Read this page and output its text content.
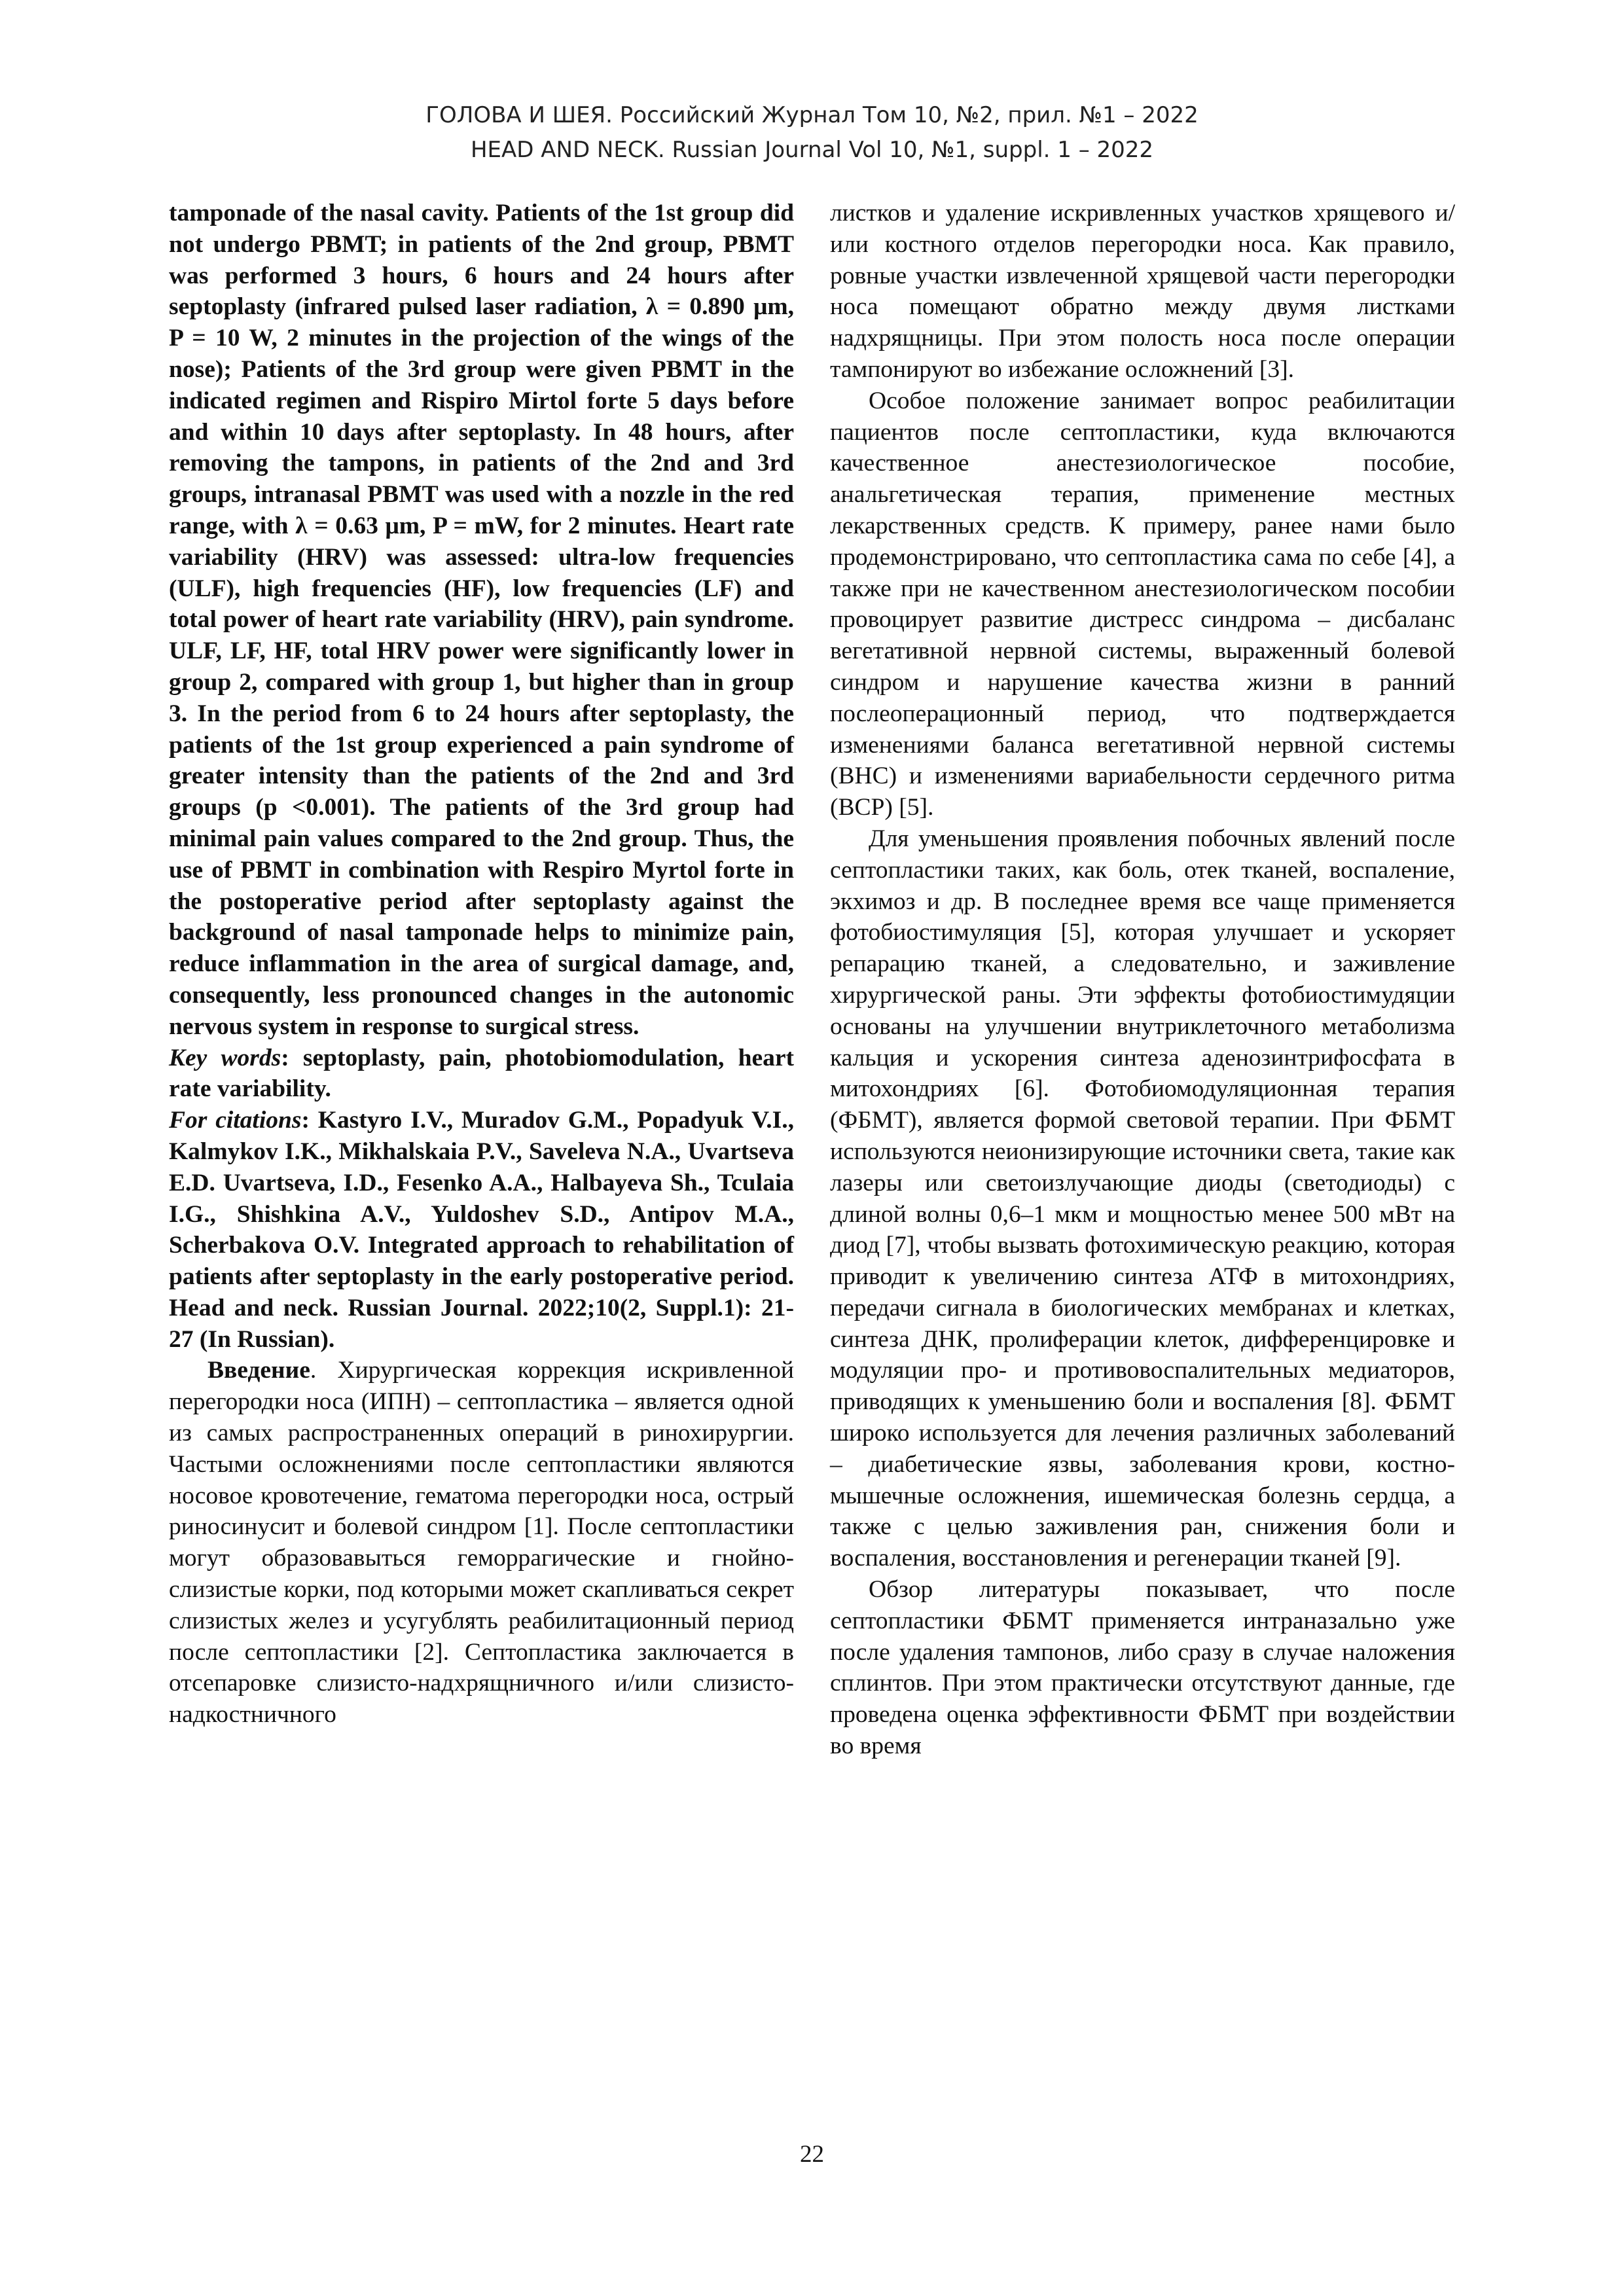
ГОЛОВА И ШЕЯ. Российский Журнал Том 10, №2, прил. №1 – 2022
HEAD AND NECK. Russian Journal Vol 10, №1, suppl. 1 – 2022

tamponade of the nasal cavity. Patients of the 1st group did not undergo PBMT; in patients of the 2nd group, PBMT was performed 3 hours, 6 hours and 24 hours after septoplasty (infrared pulsed laser radiation, λ = 0.890 μm, P = 10 W, 2 minutes in the projection of the wings of the nose); Patients of the 3rd group were given PBMT in the indicated regimen and Rispiro Mirtol forte 5 days before and within 10 days after septoplasty. In 48 hours, after removing the tampons, in patients of the 2nd and 3rd groups, intranasal PBMT was used with a nozzle in the red range, with λ = 0.63 μm, P = mW, for 2 minutes. Heart rate variability (HRV) was assessed: ultra-low frequencies (ULF), high frequencies (HF), low frequencies (LF) and total power of heart rate variability (HRV), pain syndrome. ULF, LF, HF, total HRV power were significantly lower in group 2, compared with group 1, but higher than in group 3. In the period from 6 to 24 hours after septoplasty, the patients of the 1st group experienced a pain syndrome of greater intensity than the patients of the 2nd and 3rd groups (p <0.001). The patients of the 3rd group had minimal pain values compared to the 2nd group. Thus, the use of PBMT in combination with Respiro Myrtol forte in the postoperative period after septoplasty against the background of nasal tamponade helps to minimize pain, reduce inflammation in the area of surgical damage, and, consequently, less pronounced changes in the autonomic nervous system in response to surgical stress.

Key words: septoplasty, pain, photobiomodulation, heart rate variability.

For citations: Kastyro I.V., Muradov G.M., Popadyuk V.I., Kalmykov I.K., Mikhalskaia P.V., Saveleva N.A., Uvartseva E.D. Uvartseva, I.D., Fesenko A.A., Halbayeva Sh., Tculaia I.G., Shishkina A.V., Yuldoshev S.D., Antipov M.A., Scherbakova O.V. Integrated approach to rehabilitation of patients after septoplasty in the early postoperative period. Head and neck. Russian Journal. 2022;10(2, Suppl.1): 21-27 (In Russian).

Введение. Хирургическая коррекция искривленной перегородки носа (ИПН) – септопластика – является одной из самых распространенных операций в ринохирургии. Частыми осложнениями после септопластики являются носовое кровотечение, гематома перегородки носа, острый риносинусит и болевой синдром [1]. После септопластики могут образовавыться геморрагические и гнойно-слизистые корки, под которыми может скапливаться секрет слизистых желез и усугублять реабилитационный период после септопластики [2]. Септопластика заключается в отсепаровке слизисто-надхрящничного и/или слизисто-надкостничного

листков и удаление искривленных участков хрящевого и/или костного отделов перегородки носа. Как правило, ровные участки извлеченной хрящевой части перегородки носа помещают обратно между двумя листками надхрящницы. При этом полость носа после операции тампонируют во избежание осложнений [3].

Особое положение занимает вопрос реабилитации пациентов после септопластики, куда включаются качественное анестезиологическое пособие, анальгетическая терапия, применение местных лекарственных средств. К примеру, ранее нами было продемонстрировано, что септопластика сама по себе [4], а также при не качественном анестезиологическом пособии провоцирует развитие дистресс синдрома – дисбаланс вегетативной нервной системы, выраженный болевой синдром и нарушение качества жизни в ранний послеоперационный период, что подтверждается изменениями баланса вегетативной нервной системы (ВНС) и изменениями вариабельности сердечного ритма (ВСР) [5].

Для уменьшения проявления побочных явлений после септопластики таких, как боль, отек тканей, воспаление, экхимоз и др. В последнее время все чаще применяется фотобиостимуляция [5], которая улучшает и ускоряет репарацию тканей, а следовательно, и заживление хирургической раны. Эти эффекты фотобиостимудяции основаны на улучшении внутриклеточного метаболизма кальция и ускорения синтеза аденозинтрифосфата в митохондриях [6]. Фотобиомодуляционная терапия (ФБМТ), является формой световой терапии. При ФБМТ используются неионизирующие источники света, такие как лазеры или светоизлучающие диоды (светодиоды) с длиной волны 0,6–1 мкм и мощностью менее 500 мВт на диод [7], чтобы вызвать фотохимическую реакцию, которая приводит к увеличению синтеза АТФ в митохондриях, передачи сигнала в биологических мембранах и клетках, синтеза ДНК, пролиферации клеток, дифференцировке и модуляции про- и противовоспалительных медиаторов, приводящих к уменьшению боли и воспаления [8]. ФБМТ широко используется для лечения различных заболеваний – диабетические язвы, заболевания крови, костно-мышечные осложнения, ишемическая болезнь сердца, а также с целью заживления ран, снижения боли и воспаления, восстановления и регенерации тканей [9].

Обзор литературы показывает, что после септопластики ФБМТ применяется интраназально уже после удаления тампонов, либо сразу в случае наложения сплинтов. При этом практически отсутствуют данные, где проведена оценка эффективности ФБМТ при воздействии во время

22
